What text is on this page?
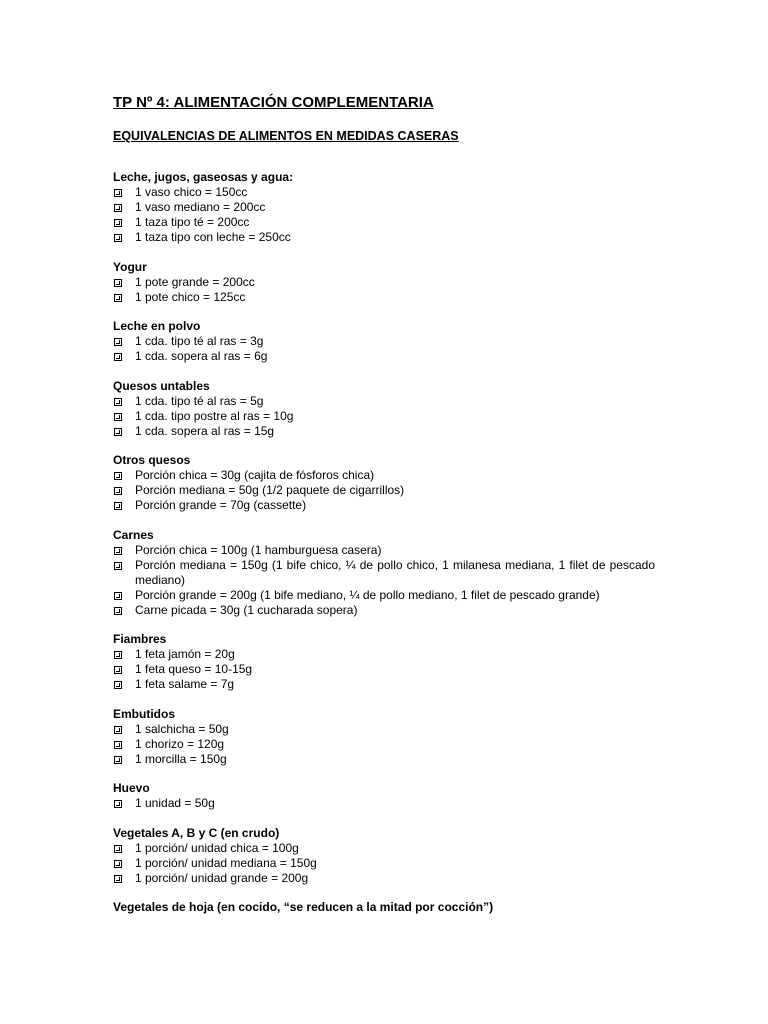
TP Nº 4: ALIMENTACIÓN COMPLEMENTARIA
EQUIVALENCIAS DE ALIMENTOS EN MEDIDAS CASERAS

Leche, jugos, gaseosas y agua:

1 vaso chico = 150cc
1 vaso mediano = 200cc
1 taza tipo té = 200cc
1 taza tipo con leche = 250cc

Yogur

1 pote grande = 200cc
1 pote chico = 125cc

Leche en polvo

1 cda. tipo té al ras = 3g
1 cda. sopera al ras = 6g

Quesos untables

1 cda. tipo té al ras = 5g
1 cda. tipo postre al ras = 10g
1 cda. sopera al ras = 15g

Otros quesos

Porción chica = 30g (cajita de fósforos chica)
Porción mediana = 50g (1/2 paquete de cigarrillos)
Porción grande = 70g (cassette)

Carnes

Porción chica = 100g (1 hamburguesa casera)
Porción mediana = 150g (1 bife chico, ¼ de pollo chico, 1 milanesa mediana, 1 filet de pescado mediano)
Porción grande = 200g (1 bife mediano, ¼ de pollo mediano, 1 filet de pescado grande)
Carne picada = 30g (1 cucharada sopera)

Fiambres

1 feta jamón = 20g
1 feta queso = 10-15g
1 feta salame = 7g

Embutidos

1 salchicha = 50g
1 chorizo = 120g
1 morcilla = 150g

Huevo

1 unidad = 50g

Vegetales A, B y C (en crudo)

1 porción/ unidad chica = 100g
1 porción/ unidad mediana = 150g
1 porción/ unidad grande = 200g

Vegetales de hoja (en cocido, “se reducen a la mitad por cocción”)
